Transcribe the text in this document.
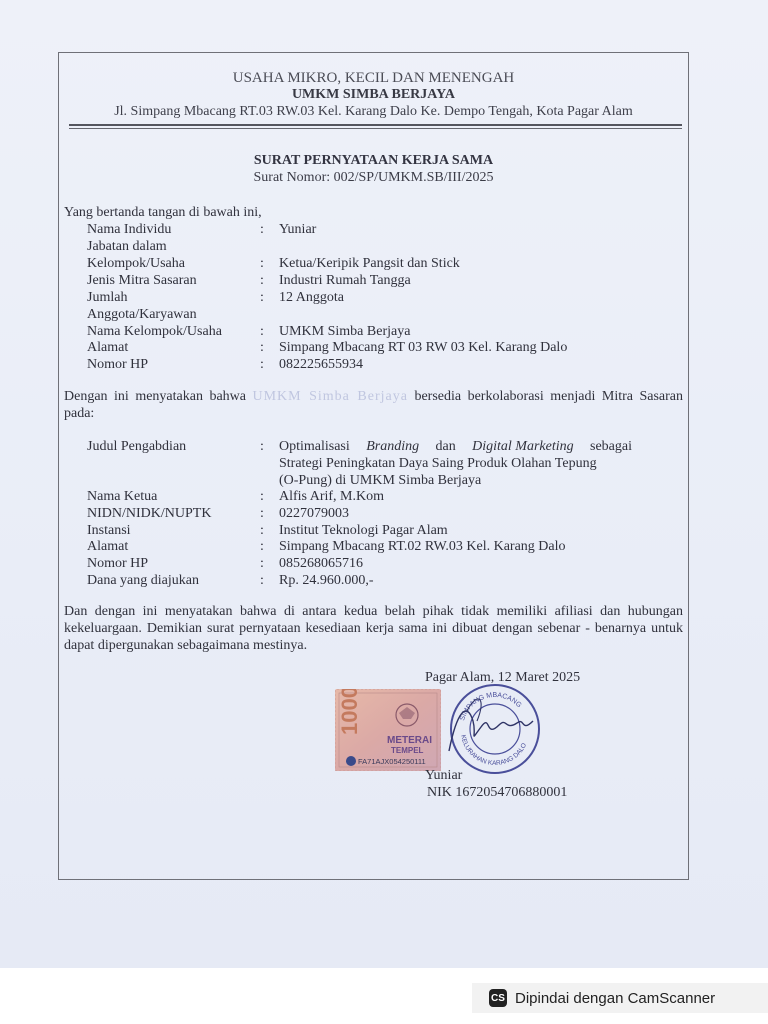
USAHA MIKRO, KECIL DAN MENENGAH
UMKM SIMBA BERJAYA
Jl. Simpang Mbacang RT.03 RW.03 Kel. Karang Dalo Ke. Dempo Tengah, Kota Pagar Alam
SURAT PERNYATAAN KERJA SAMA
Surat Nomor: 002/SP/UMKM.SB/III/2025
Yang bertanda tangan di bawah ini,
Nama Individu	: Yuniar
Jabatan dalam
Kelompok/Usaha	: Ketua/Keripik Pangsit dan Stick
Jenis Mitra Sasaran	: Industri Rumah Tangga
Jumlah	: 12 Anggota
Anggota/Karyawan
Nama Kelompok/Usaha	: UMKM Simba Berjaya
Alamat	: Simpang Mbacang RT 03 RW 03 Kel. Karang Dalo
Nomor HP	: 082225655934
Dengan ini menyatakan bahwa UMKM Simba Berjaya bersedia berkolaborasi menjadi Mitra Sasaran pada:
Judul Pengabdian	: Optimalisasi Branding dan Digital Marketing sebagai
Strategi Peningkatan Daya Saing Produk Olahan Tepung
(O-Pung) di UMKM Simba Berjaya
Nama Ketua	: Alfis Arif, M.Kom
NIDN/NIDK/NUPTK	: 0227079003
Instansi	: Institut Teknologi Pagar Alam
Alamat	: Simpang Mbacang RT.02 RW.03 Kel. Karang Dalo
Nomor HP	: 085268065716
Dana yang diajukan	: Rp. 24.960.000,-
Dan dengan ini menyatakan bahwa di antara kedua belah pihak tidak memiliki afiliasi dan hubungan kekeluargaan. Demikian surat pernyataan kesediaan kerja sama ini dibuat dengan sebenar - benarnya untuk dapat dipergunakan sebagaimana mestinya.
Pagar Alam, 12 Maret 2025
10000
METERAI
TEMPEL
FA71AJX054250111
SIMPANG MBACANG
KELURAHAN KARANG DALO
Yuniar
NIK 1672054706880001
CS Dipindai dengan CamScanner
